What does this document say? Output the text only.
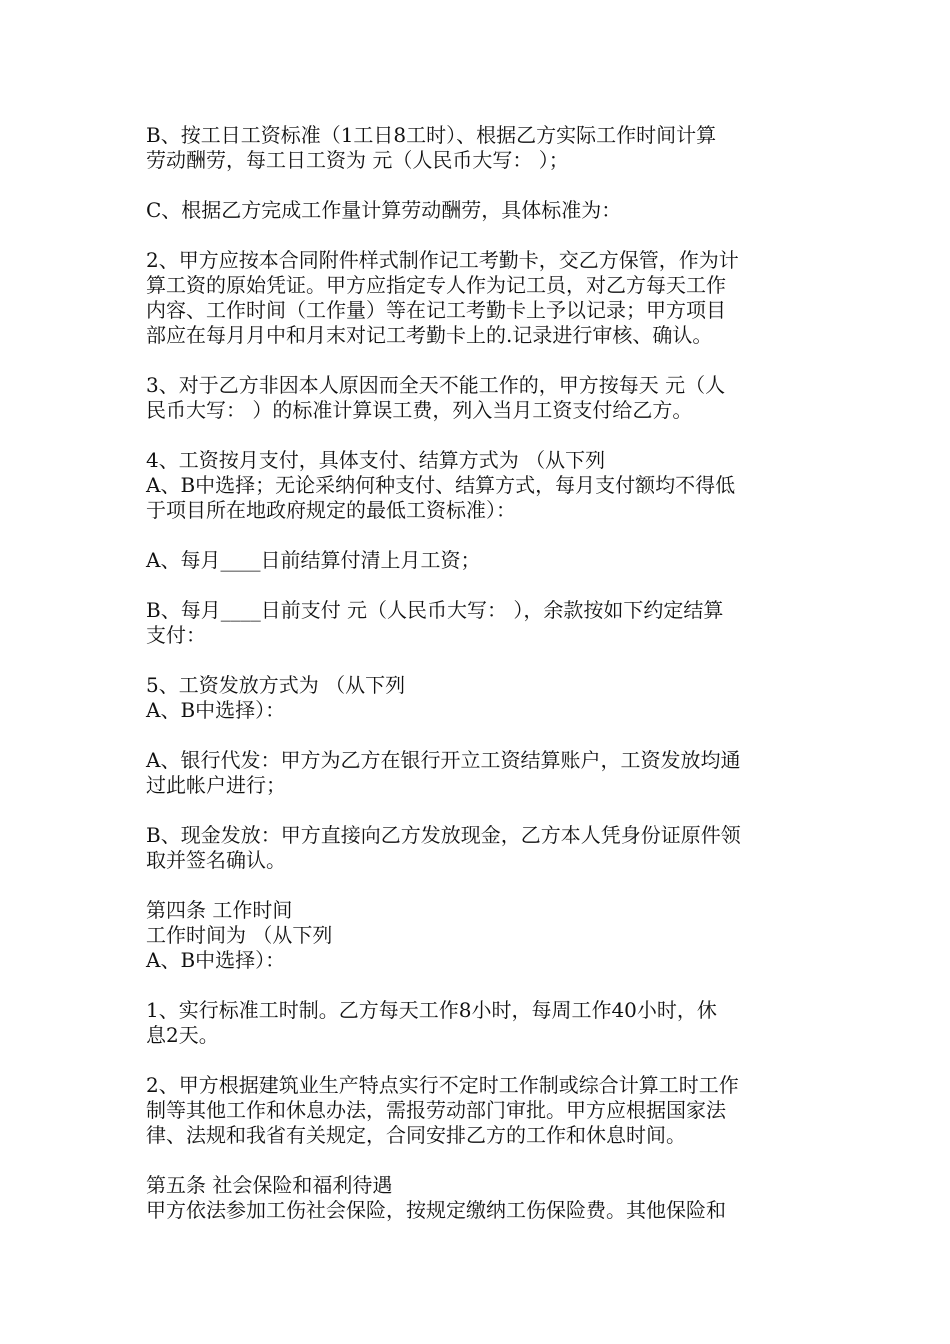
B、按工日工资标准（1工日8工时）、根据乙方实际工作时间计算
劳动酬劳，每工日工资为 元（人民币大写： ）；

C、根据乙方完成工作量计算劳动酬劳，具体标准为：

2、甲方应按本合同附件样式制作记工考勤卡，交乙方保管，作为计
算工资的原始凭证。甲方应指定专人作为记工员，对乙方每天工作
内容、工作时间（工作量）等在记工考勤卡上予以记录；甲方项目
部应在每月月中和月末对记工考勤卡上的.记录进行审核、确认。

3、对于乙方非因本人原因而全天不能工作的，甲方按每天 元（人
民币大写： ）的标准计算误工费，列入当月工资支付给乙方。

4、工资按月支付，具体支付、结算方式为 （从下列
A、B中选择；无论采纳何种支付、结算方式，每月支付额均不得低
于项目所在地政府规定的最低工资标准）：

A、每月____日前结算付清上月工资；

B、每月____日前支付 元（人民币大写： ），余款按如下约定结算
支付：

5、工资发放方式为 （从下列
A、B中选择）：

A、银行代发：甲方为乙方在银行开立工资结算账户，工资发放均通
过此帐户进行；

B、现金发放：甲方直接向乙方发放现金，乙方本人凭身份证原件领
取并签名确认。

第四条 工作时间
工作时间为 （从下列
A、B中选择）：

1、实行标准工时制。乙方每天工作8小时，每周工作40小时，休
息2天。

2、甲方根据建筑业生产特点实行不定时工作制或综合计算工时工作
制等其他工作和休息办法，需报劳动部门审批。甲方应根据国家法
律、法规和我省有关规定，合同安排乙方的工作和休息时间。

第五条 社会保险和福利待遇
甲方依法参加工伤社会保险，按规定缴纳工伤保险费。其他保险和
